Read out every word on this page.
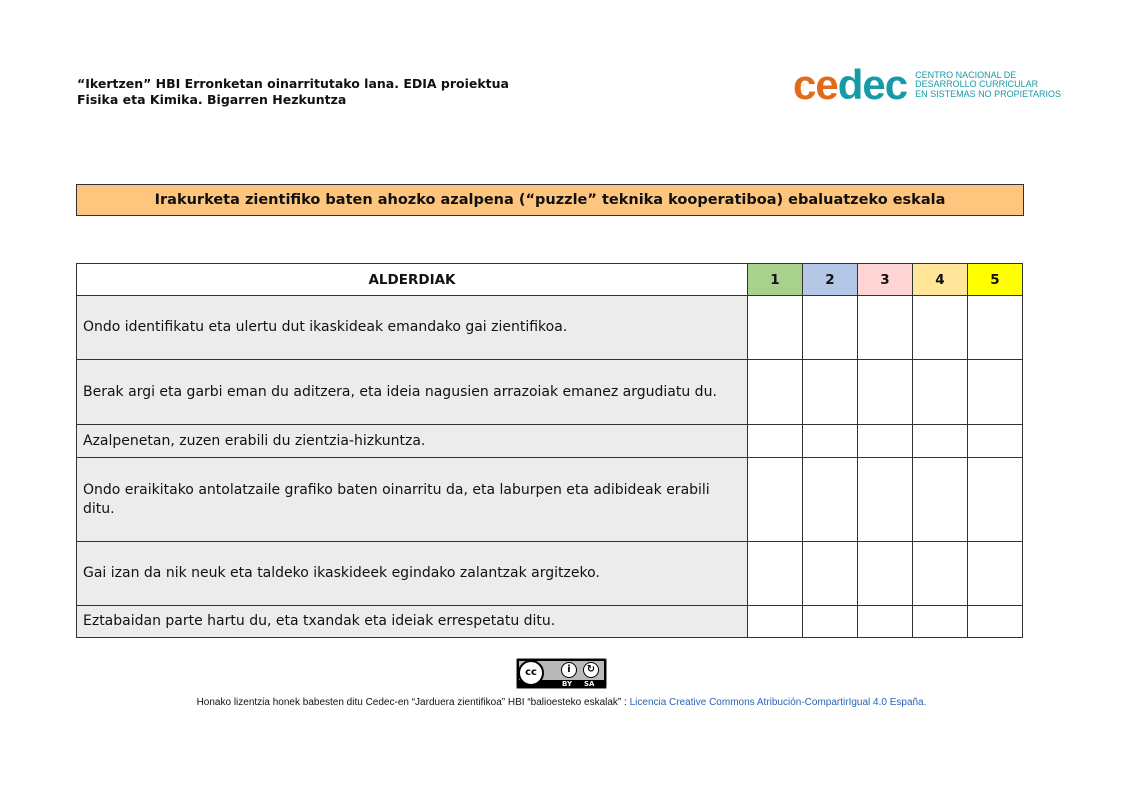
“Ikertzen” HBI Erronketan oinarritutako lana. EDIA proiektua
Fisika eta Kimika. Bigarren Hezkuntza	cedec CENTRO NACIONAL DE
DESARROLLO CURRICULAR
EN SISTEMAS NO PROPIETARIOS
Irakurketa zientifiko baten ahozko azalpena (“puzzle” teknika kooperatiboa) ebaluatzeko eskala
ALDERDIAK	1	2	3	4	5
Ondo identifikatu eta ulertu dut ikaskideak emandako gai zientifikoa.					
Berak argi eta garbi eman du aditzera, eta ideia nagusien arrazoiak emanez argudiatu du.					
Azalpenetan, zuzen erabili du zientzia-hizkuntza.					
Ondo eraikitako antolatzaile grafiko baten oinarritu da, eta laburpen eta adibideak erabili ditu.					
Gai izan da nik neuk eta taldeko ikaskideek egindako zalantzak argitzeko.					
Eztabaidan parte hartu du, eta txandak eta ideiak errespetatu ditu.					
cc	i	↻
BY SA
Honako lizentzia honek babesten ditu Cedec-en “Jarduera zientifikoa” HBI “balioesteko eskalak” : Licencia Creative Commons Atribución-CompartirIgual 4.0 España.
